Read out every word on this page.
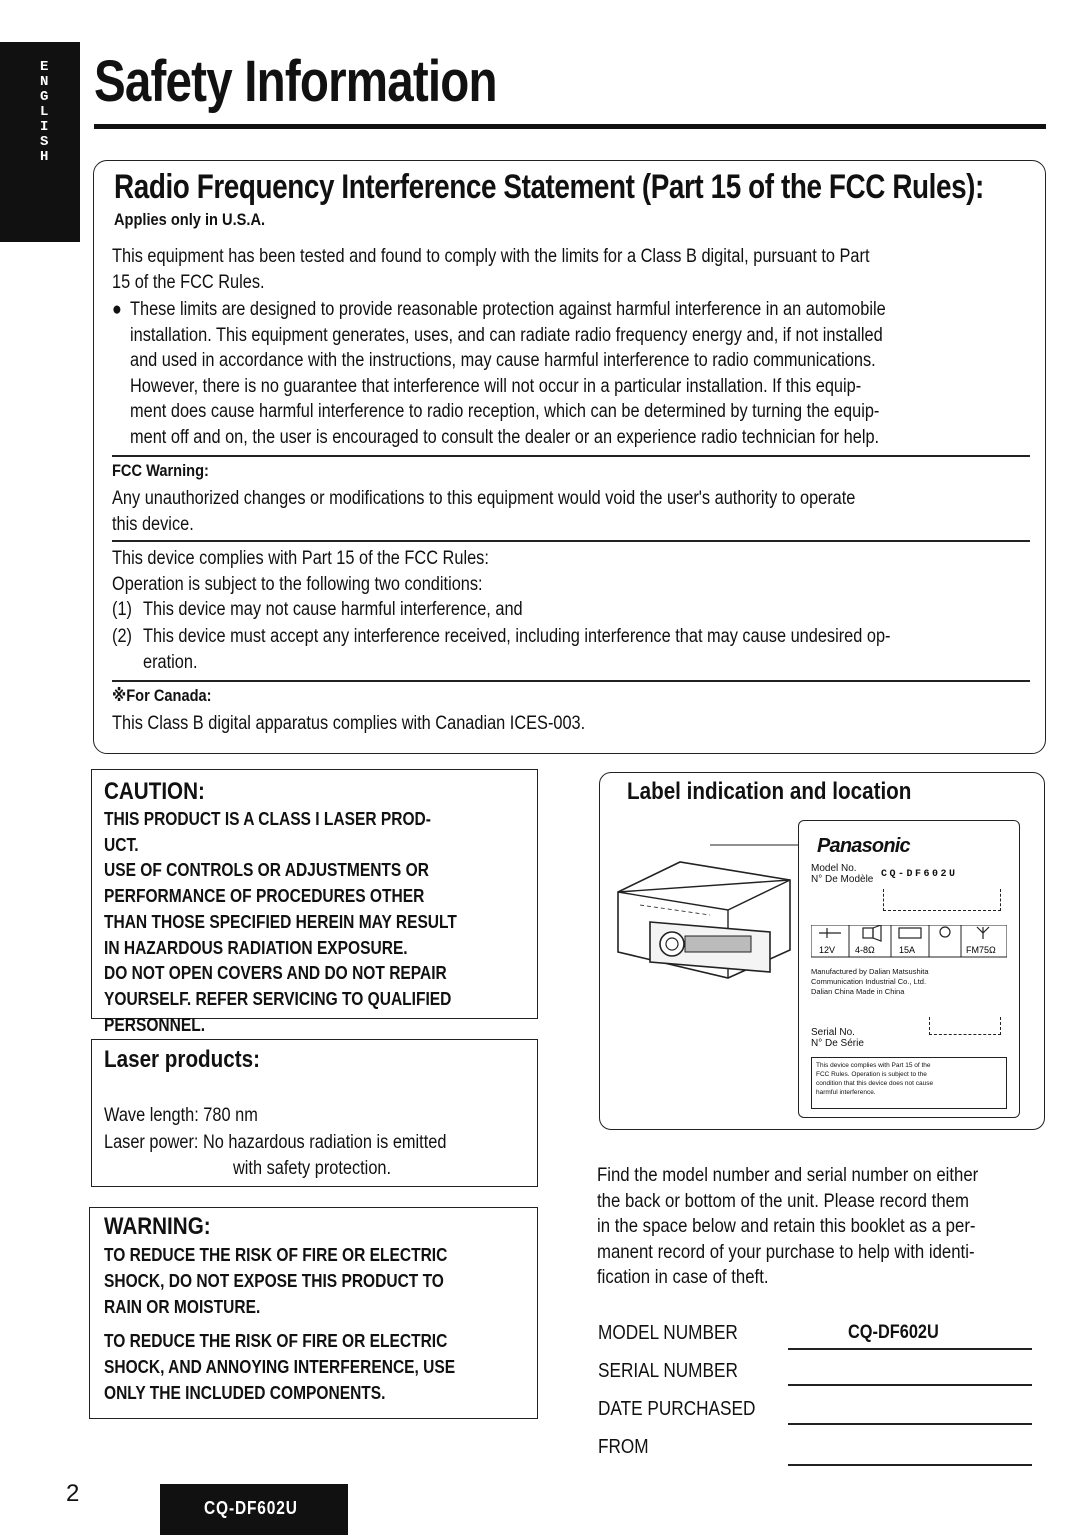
E
N
G
L
I
S
H
Safety Information
Radio Frequency Interference Statement (Part 15 of the FCC Rules):
Applies only in U.S.A.
This equipment has been tested and found to comply with the limits for a Class B digital, pursuant to Part
15 of the FCC Rules.
● These limits are designed to provide reasonable protection against harmful interference in an automobile
installation. This equipment generates, uses, and can radiate radio frequency energy and, if not installed
and used in accordance with the instructions, may cause harmful interference to radio communications.
However, there is no guarantee that interference will not occur in a particular installation. If this equip-
ment does cause harmful interference to radio reception, which can be determined by turning the equip-
ment off and on, the user is encouraged to consult the dealer or an experience radio technician for help.
FCC Warning:
Any unauthorized changes or modifications to this equipment would void the user's authority to operate
this device.
This device complies with Part 15 of the FCC Rules:
Operation is subject to the following two conditions:
(1) This device may not cause harmful interference, and
(2) This device must accept any interference received, including interference that may cause undesired op-
eration.
※For Canada:
This Class B digital apparatus complies with Canadian ICES-003.
CAUTION:
THIS PRODUCT IS A CLASS I LASER PROD-
UCT.
USE OF CONTROLS OR ADJUSTMENTS OR
PERFORMANCE OF PROCEDURES OTHER
THAN THOSE SPECIFIED HEREIN MAY RESULT
IN HAZARDOUS RADIATION EXPOSURE.
DO NOT OPEN COVERS AND DO NOT REPAIR
YOURSELF. REFER SERVICING TO QUALIFIED
PERSONNEL.
Laser products:
Wave length: 780 nm
Laser power: No hazardous radiation is emitted
with safety protection.
WARNING:
TO REDUCE THE RISK OF FIRE OR ELECTRIC
SHOCK, DO NOT EXPOSE THIS PRODUCT TO
RAIN OR MOISTURE.
TO REDUCE THE RISK OF FIRE OR ELECTRIC
SHOCK, AND ANNOYING INTERFERENCE, USE
ONLY THE INCLUDED COMPONENTS.
Label indication and location
Panasonic
Model No.
N° De Modèle CQ-DF602U
12V 4-8Ω	15A	FM75Ω
Manufactured by Dalian Matsushita
Communication Industrial Co., Ltd.
Dalian China Made in China
Serial No.
N° De Série
This device complies with Part 15 of the
FCC Rules. Operation is subject to the
condition that this device does not cause
harmful interference.
Find the model number and serial number on either
the back or bottom of the unit. Please record them
in the space below and retain this booklet as a per-
manent record of your purchase to help with identi-
fication in case of theft.
MODEL NUMBER	CQ-DF602U
SERIAL NUMBER
DATE PURCHASED
FROM
2
CQ-DF602U
